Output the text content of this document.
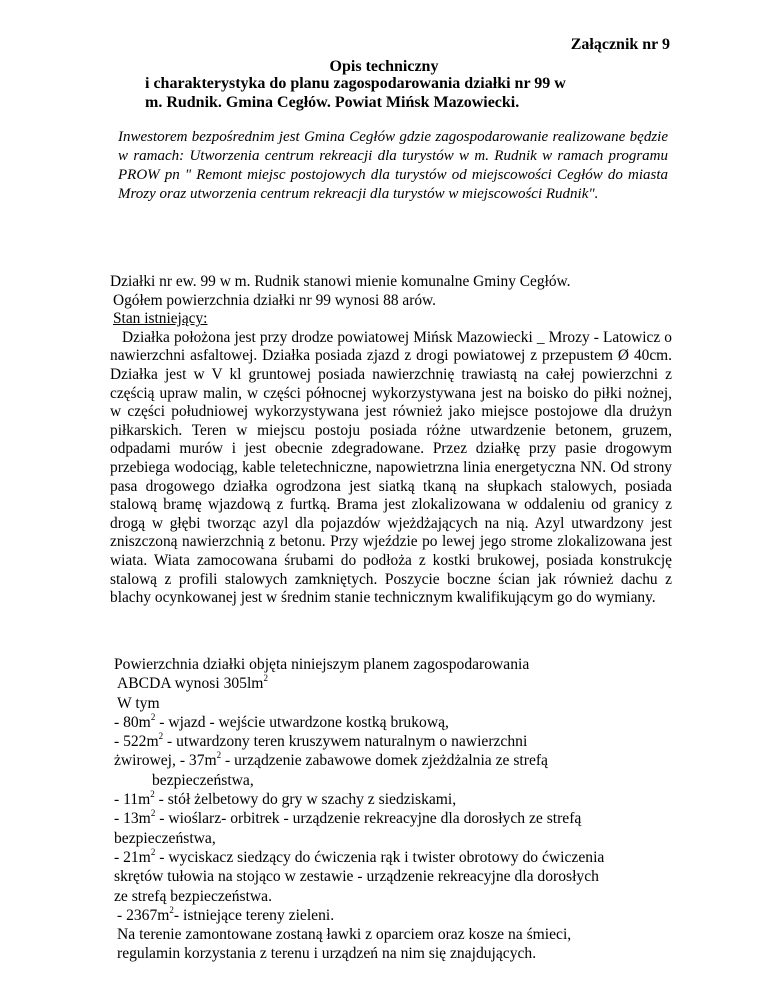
Załącznik nr 9
Opis techniczny
i charakterystyka do planu zagospodarowania działki nr 99 w
m. Rudnik. Gmina Cegłów. Powiat Mińsk Mazowiecki.
Inwestorem bezpośrednim jest Gmina Cegłów gdzie zagospodarowanie realizowane będzie w ramach: Utworzenia centrum rekreacji dla turystów w m. Rudnik w ramach programu PROW pn " Remont miejsc postojowych dla turystów od miejscowości Cegłów do miasta Mrozy oraz utworzenia centrum rekreacji dla turystów w miejscowości Rudnik".
Działki nr ew. 99 w m. Rudnik stanowi mienie komunalne Gminy Cegłów.
Ogółem powierzchnia działki nr 99 wynosi 88 arów.
Stan istniejący:
Działka położona jest przy drodze powiatowej Mińsk Mazowiecki _ Mrozy - Latowicz o nawierzchni asfaltowej. Działka posiada zjazd z drogi powiatowej z przepustem Ø 40cm. Działka jest w V kl gruntowej posiada nawierzchnię trawiastą na całej powierzchni z częścią upraw malin, w części północnej wykorzystywana jest na boisko do piłki nożnej, w części południowej wykorzystywana jest również jako miejsce postojowe dla drużyn piłkarskich. Teren w miejscu postoju posiada różne utwardzenie betonem, gruzem, odpadami murów i jest obecnie zdegradowane. Przez działkę przy pasie drogowym przebiega wodociąg, kable teletechniczne, napowietrzna linia energetyczna NN. Od strony pasa drogowego działka ogrodzona jest siatką tkaną na słupkach stalowych, posiada stalową bramę wjazdową z furtką. Brama jest zlokalizowana w oddaleniu od granicy z drogą w głębi tworząc azyl dla pojazdów wjeżdżających na nią. Azyl utwardzony jest zniszczoną nawierzchnią z betonu. Przy wjeździe po lewej jego strome zlokalizowana jest wiata. Wiata zamocowana śrubami do podłoża z kostki brukowej, posiada konstrukcję stalową z profili stalowych zamkniętych. Poszycie boczne ścian jak również dachu z blachy ocynkowanej jest w średnim stanie technicznym kwalifikującym go do wymiany.
Powierzchnia działki objęta niniejszym planem zagospodarowania
ABCDA wynosi $305lm^2$
W tym
- $80m^2$ - wjazd - wejście utwardzone kostką brukową,
- $522m^2$ - utwardzony teren kruszywem naturalnym o nawierzchni
żwirowej, - $37m^2$ - urządzenie zabawowe domek zjeżdżalnia ze strefą
bezpieczeństwa,
- $11m^2$ - stół żelbetowy do gry w szachy z siedziskami,
- $13m^2$ - wioślarz- orbitrek - urządzenie rekreacyjne dla dorosłych ze strefą
bezpieczeństwa,
- $21m^2$ - wyciskacz siedzący do ćwiczenia rąk i twister obrotowy do ćwiczenia
skrętów tułowia na stojąco w zestawie - urządzenie rekreacyjne dla dorosłych
ze strefą bezpieczeństwa.
- $2367m^2-$ istniejące tereny zieleni.
Na terenie zamontowane zostaną ławki z oparciem oraz kosze na śmieci,
regulamin korzystania z terenu i urządzeń na nim się znajdujących.
